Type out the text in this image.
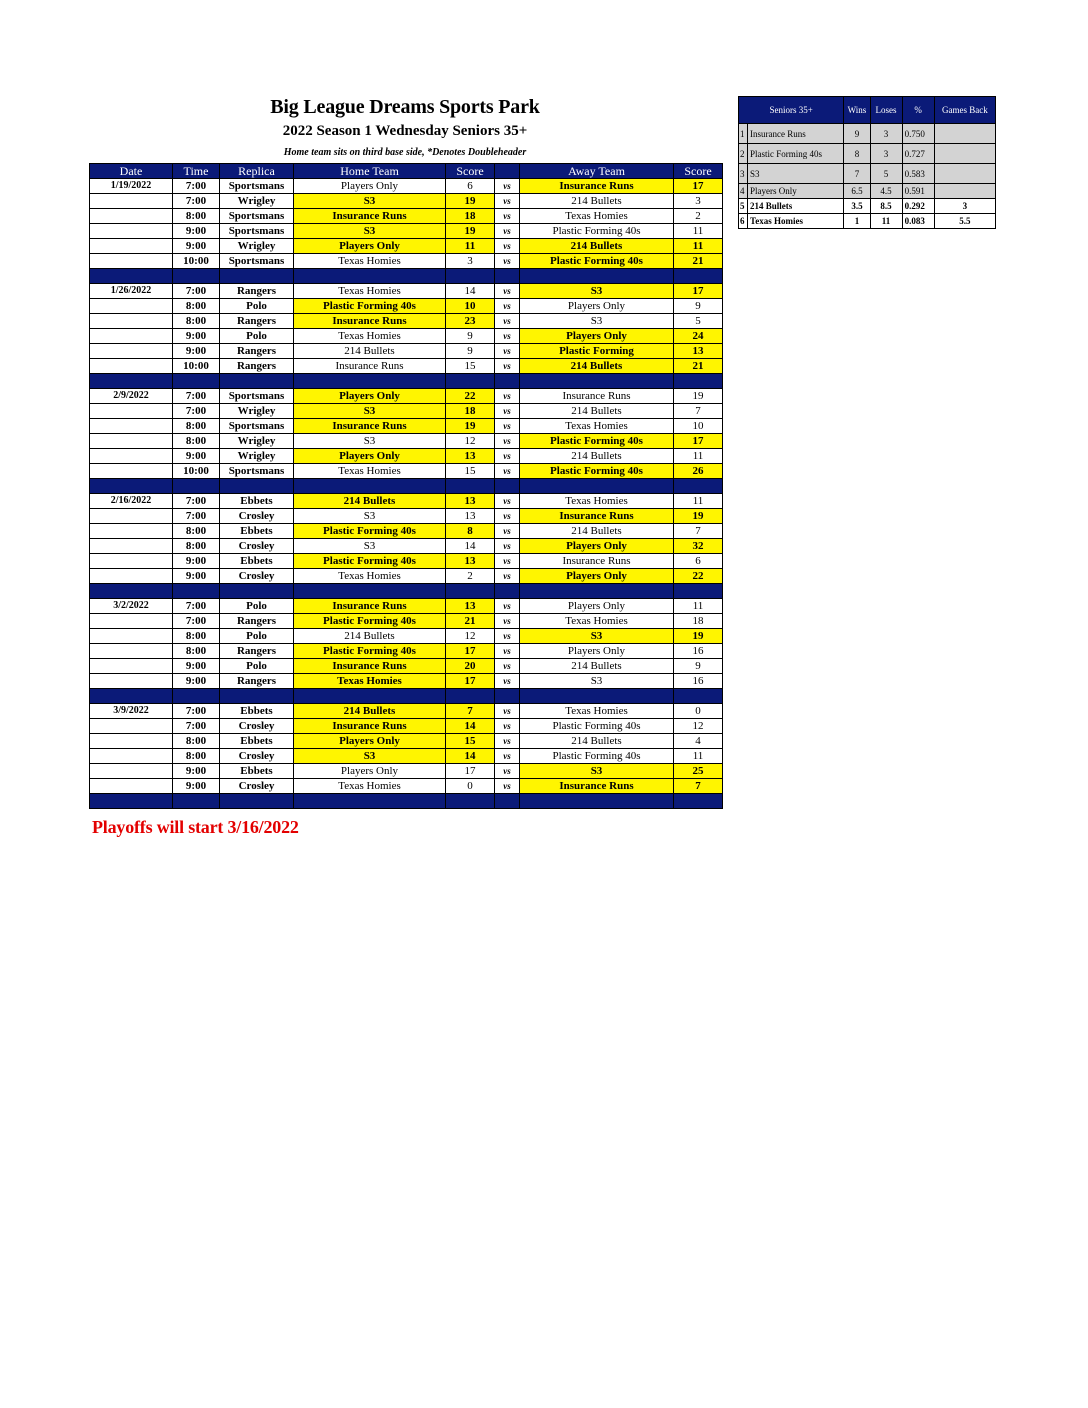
Big League Dreams Sports Park
2022 Season 1 Wednesday Seniors 35+
Home team sits on third base side, *Denotes Doubleheader
Date	Time	Replica	Home Team	Score		Away Team	Score
1/19/2022	7:00	Sportsmans	Players Only	6	vs	Insurance Runs	17
	7:00	Wrigley	S3	19	vs	214 Bullets	3
	8:00	Sportsmans	Insurance Runs	18	vs	Texas Homies	2
	9:00	Sportsmans	S3	19	vs	Plastic Forming 40s	11
	9:00	Wrigley	Players Only	11	vs	214 Bullets	11
	10:00	Sportsmans	Texas Homies	3	vs	Plastic Forming 40s	21

1/26/2022	7:00	Rangers	Texas Homies	14	vs	S3	17
	8:00	Polo	Plastic Forming 40s	10	vs	Players Only	9
	8:00	Rangers	Insurance Runs	23	vs	S3	5
	9:00	Polo	Texas Homies	9	vs	Players Only	24
	9:00	Rangers	214 Bullets	9	vs	Plastic Forming	13
	10:00	Rangers	Insurance Runs	15	vs	214 Bullets	21

2/9/2022	7:00	Sportsmans	Players Only	22	vs	Insurance Runs	19
	7:00	Wrigley	S3	18	vs	214 Bullets	7
	8:00	Sportsmans	Insurance Runs	19	vs	Texas Homies	10
	8:00	Wrigley	S3	12	vs	Plastic Forming 40s	17
	9:00	Wrigley	Players Only	13	vs	214 Bullets	11
	10:00	Sportsmans	Texas Homies	15	vs	Plastic Forming 40s	26

2/16/2022	7:00	Ebbets	214 Bullets	13	vs	Texas Homies	11
	7:00	Crosley	S3	13	vs	Insurance Runs	19
	8:00	Ebbets	Plastic Forming 40s	8	vs	214 Bullets	7
	8:00	Crosley	S3	14	vs	Players Only	32
	9:00	Ebbets	Plastic Forming 40s	13	vs	Insurance Runs	6
	9:00	Crosley	Texas Homies	2	vs	Players Only	22

3/2/2022	7:00	Polo	Insurance Runs	13	vs	Players Only	11
	7:00	Rangers	Plastic Forming 40s	21	vs	Texas Homies	18
	8:00	Polo	214 Bullets	12	vs	S3	19
	8:00	Rangers	Plastic Forming 40s	17	vs	Players Only	16
	9:00	Polo	Insurance Runs	20	vs	214 Bullets	9
	9:00	Rangers	Texas Homies	17	vs	S3	16

3/9/2022	7:00	Ebbets	214 Bullets	7	vs	Texas Homies	0
	7:00	Crosley	Insurance Runs	14	vs	Plastic Forming 40s	12
	8:00	Ebbets	Players Only	15	vs	214 Bullets	4
	8:00	Crosley	S3	14	vs	Plastic Forming 40s	11
	9:00	Ebbets	Players Only	17	vs	S3	25
	9:00	Crosley	Texas Homies	0	vs	Insurance Runs	7

Playoffs will start 3/16/2022
Seniors 35+		Wins	Loses	%	Games Back
1	Insurance Runs	9	3	0.750	
2	Plastic Forming 40s	8	3	0.727	
3	S3	7	5	0.583	
4	Players Only	6.5	4.5	0.591	
5	214 Bullets	3.5	8.5	0.292	3
6	Texas Homies	1	11	0.083	5.5
